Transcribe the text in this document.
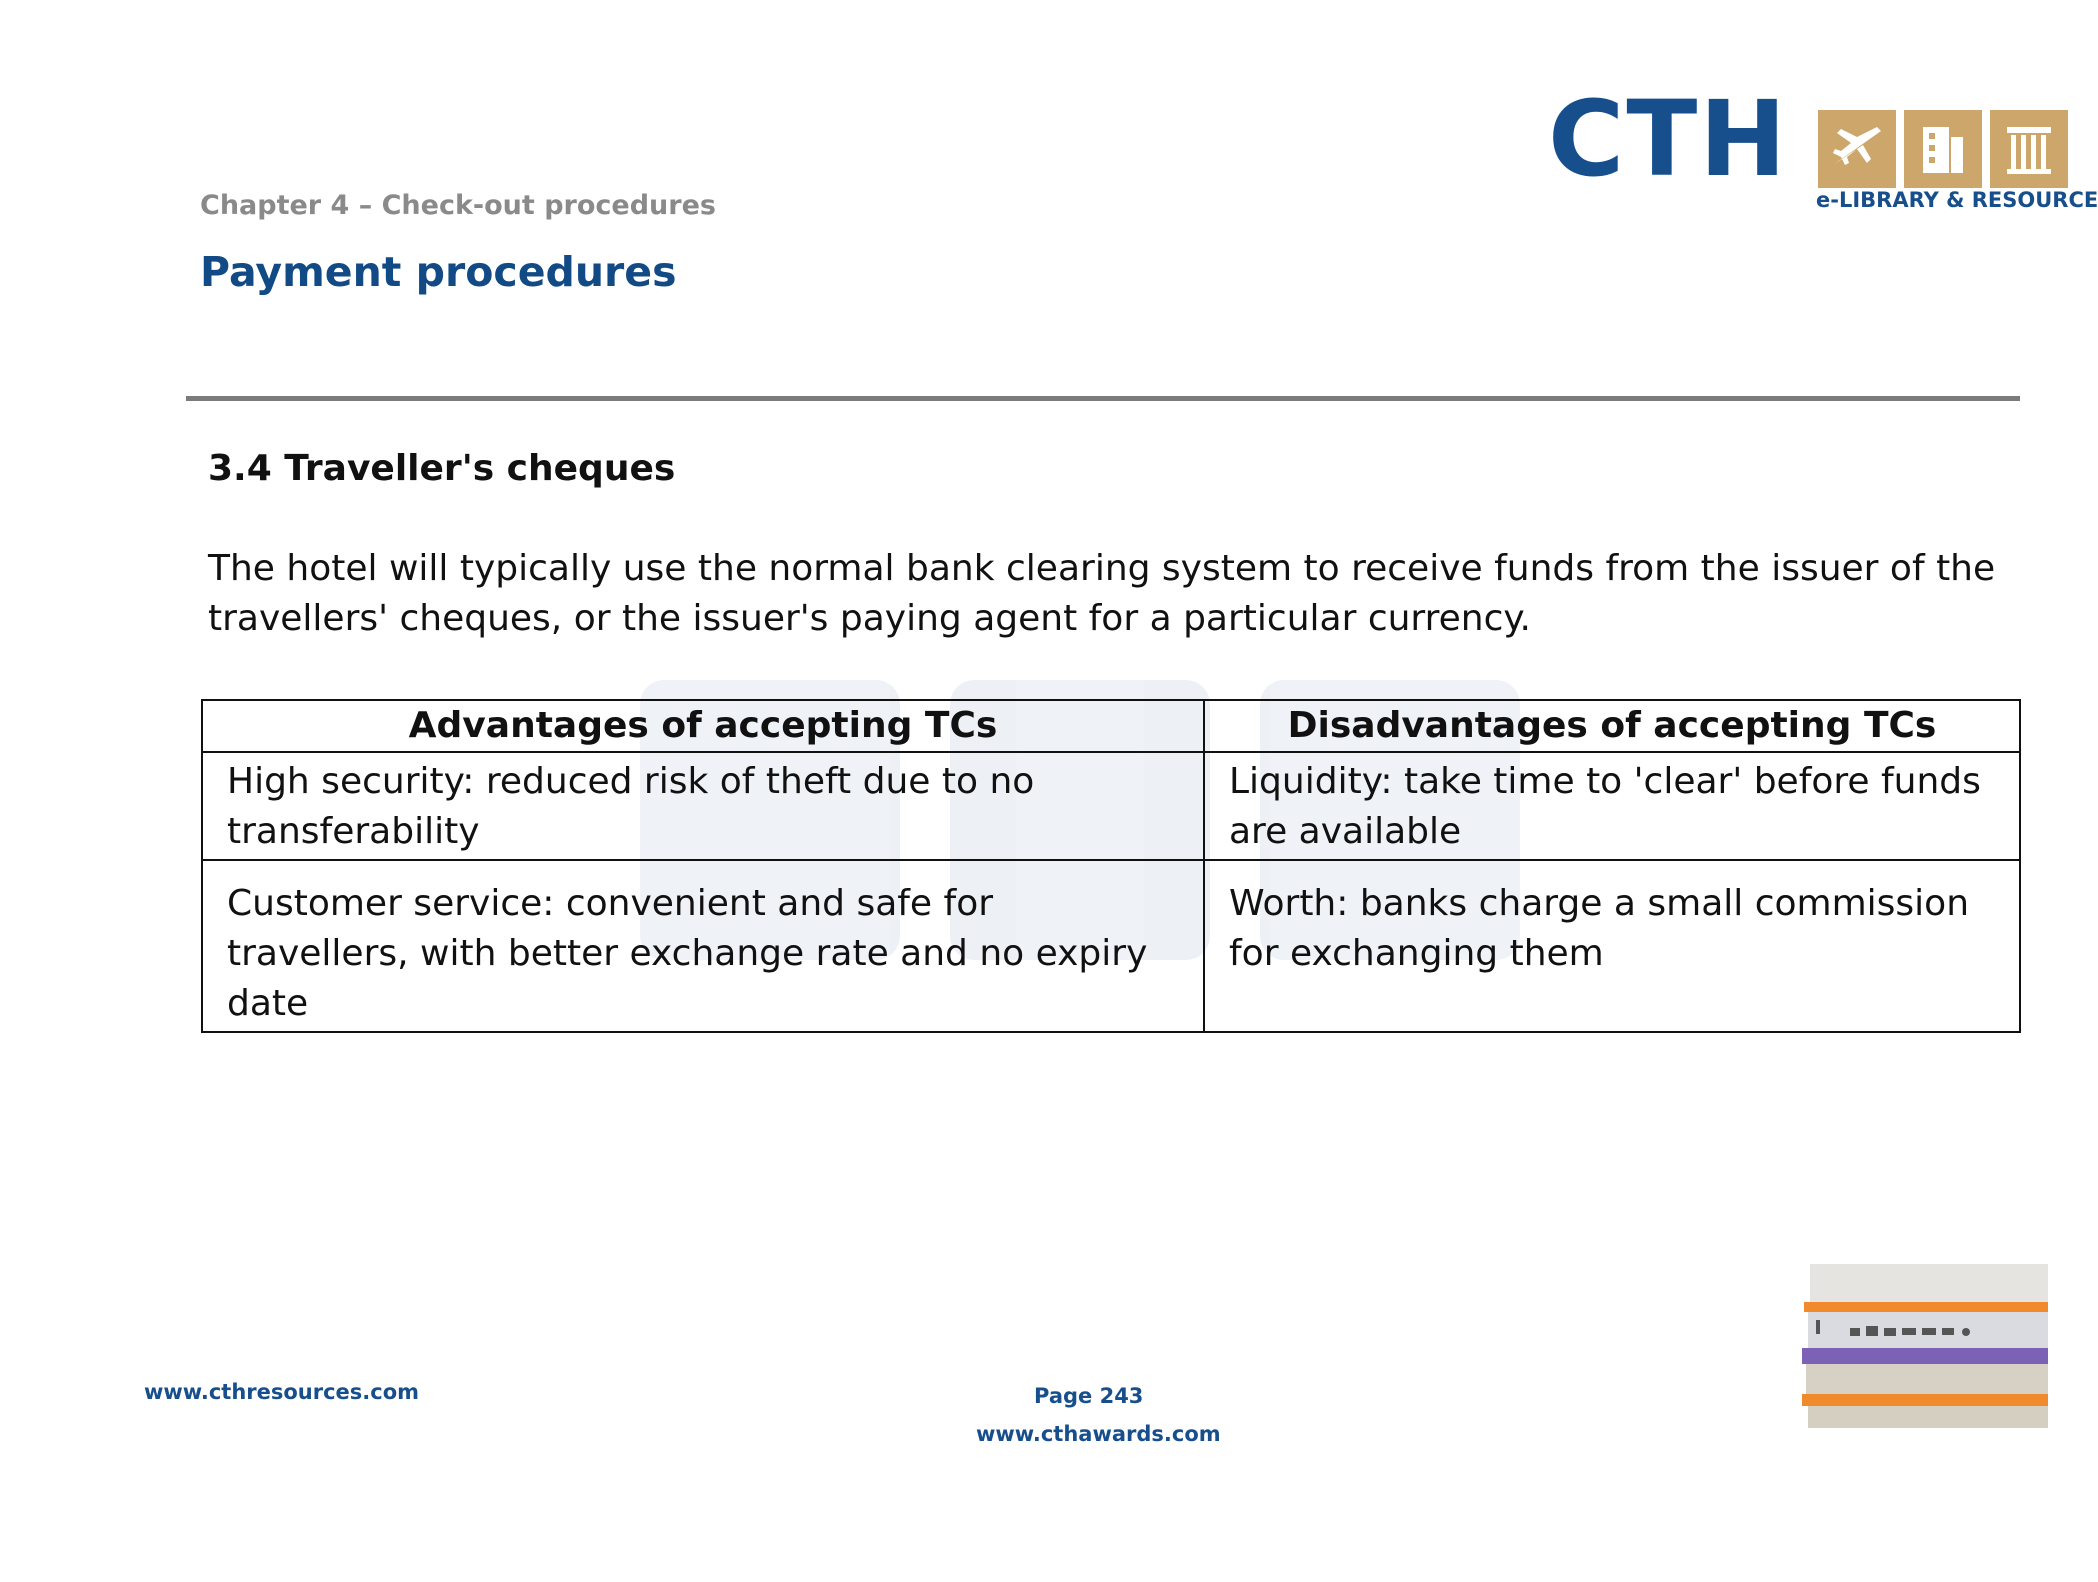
CTH e-LIBRARY & RESOURCE
Chapter 4 – Check-out procedures
Payment procedures
3.4 Traveller's cheques
The hotel will typically use the normal bank clearing system to receive funds from the issuer of the travellers' cheques, or the issuer's paying agent for a particular currency.
Advantages of accepting TCs	Disadvantages of accepting TCs
High security: reduced risk of theft due to no transferability	Liquidity: take time to 'clear' before funds are available
Customer service: convenient and safe for travellers, with better exchange rate and no expiry date	Worth: banks charge a small commission for exchanging them
www.cthresources.com	Page 243
www.cthawards.com
